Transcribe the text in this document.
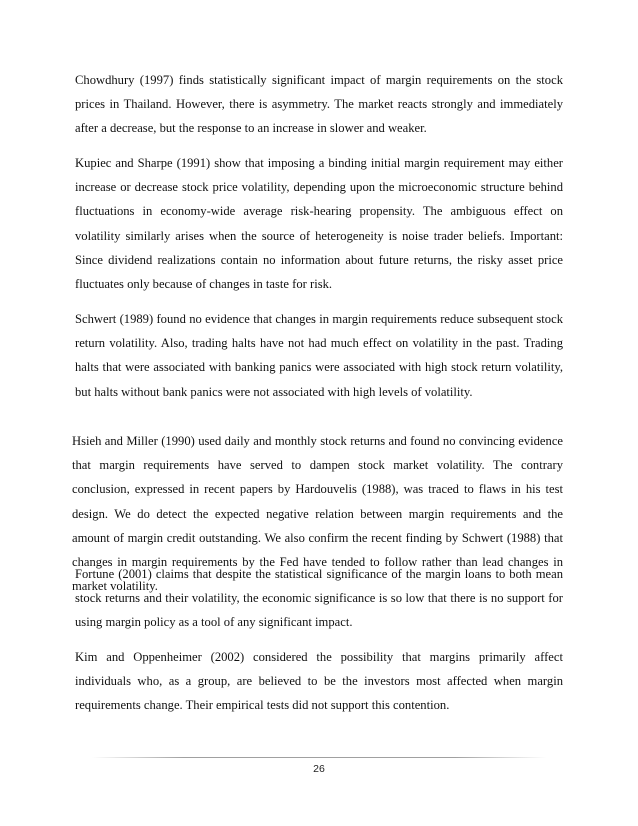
Chowdhury (1997) finds statistically significant impact of margin requirements on the stock prices in Thailand. However, there is asymmetry. The market reacts strongly and immediately after a decrease, but the response to an increase in slower and weaker.

Kupiec and Sharpe (1991) show that imposing a binding initial margin requirement may either increase or decrease stock price volatility, depending upon the microeconomic structure behind fluctuations in economy-wide average risk-hearing propensity. The ambiguous effect on volatility similarly arises when the source of heterogeneity is noise trader beliefs. Important: Since dividend realizations contain no information about future returns, the risky asset price fluctuates only because of changes in taste for risk.

Schwert (1989) found no evidence that changes in margin requirements reduce subsequent stock return volatility. Also, trading halts have not had much effect on volatility in the past. Trading halts that were associated with banking panics were associated with high stock return volatility, but halts without bank panics were not associated with high levels of volatility.

Hsieh and Miller (1990) used daily and monthly stock returns and found no convincing evidence that margin requirements have served to dampen stock market volatility. The contrary conclusion, expressed in recent papers by Hardouvelis (1988), was traced to flaws in his test design. We do detect the expected negative relation between margin requirements and the amount of margin credit outstanding. We also confirm the recent finding by Schwert (1988) that changes in margin requirements by the Fed have tended to follow rather than lead changes in market volatility.

Fortune (2001) claims that despite the statistical significance of the margin loans to both mean stock returns and their volatility, the economic significance is so low that there is no support for using margin policy as a tool of any significant impact.

Kim and Oppenheimer (2002) considered the possibility that margins primarily affect individuals who, as a group, are believed to be the investors most affected when margin requirements change. Their empirical tests did not support this contention.

26
